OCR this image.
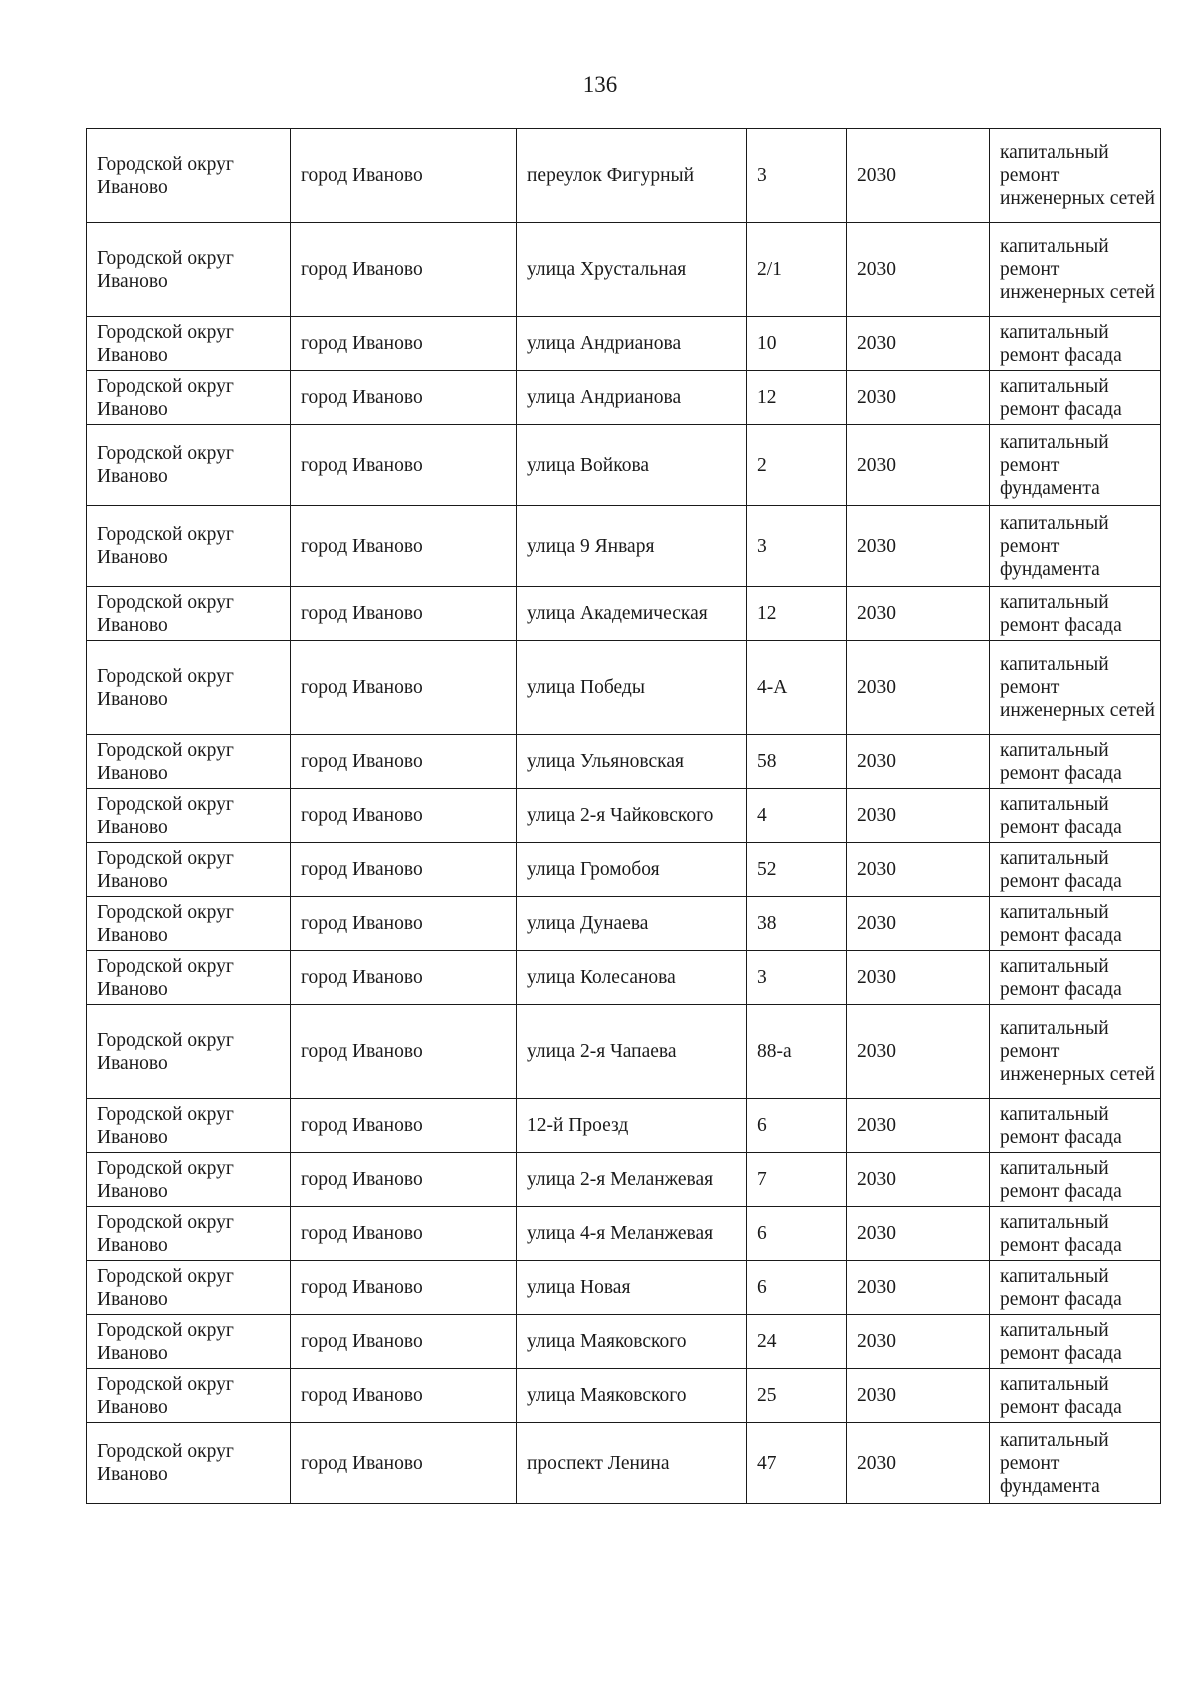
136
Городской округ Иваново	город Иваново	переулок Фигурный	3	2030	капитальный ремонт инженерных сетей
Городской округ Иваново	город Иваново	улица Хрустальная	2/1	2030	капитальный ремонт инженерных сетей
Городской округ Иваново	город Иваново	улица Андрианова	10	2030	капитальный ремонт фасада
Городской округ Иваново	город Иваново	улица Андрианова	12	2030	капитальный ремонт фасада
Городской округ Иваново	город Иваново	улица Войкова	2	2030	капитальный ремонт фундамента
Городской округ Иваново	город Иваново	улица 9 Января	3	2030	капитальный ремонт фундамента
Городской округ Иваново	город Иваново	улица Академическая	12	2030	капитальный ремонт фасада
Городской округ Иваново	город Иваново	улица Победы	4-А	2030	капитальный ремонт инженерных сетей
Городской округ Иваново	город Иваново	улица Ульяновская	58	2030	капитальный ремонт фасада
Городской округ Иваново	город Иваново	улица 2-я Чайковского	4	2030	капитальный ремонт фасада
Городской округ Иваново	город Иваново	улица Громобоя	52	2030	капитальный ремонт фасада
Городской округ Иваново	город Иваново	улица Дунаева	38	2030	капитальный ремонт фасада
Городской округ Иваново	город Иваново	улица Колесанова	3	2030	капитальный ремонт фасада
Городской округ Иваново	город Иваново	улица 2-я Чапаева	88-а	2030	капитальный ремонт инженерных сетей
Городской округ Иваново	город Иваново	12-й Проезд	6	2030	капитальный ремонт фасада
Городской округ Иваново	город Иваново	улица 2-я Меланжевая	7	2030	капитальный ремонт фасада
Городской округ Иваново	город Иваново	улица 4-я Меланжевая	6	2030	капитальный ремонт фасада
Городской округ Иваново	город Иваново	улица Новая	6	2030	капитальный ремонт фасада
Городской округ Иваново	город Иваново	улица Маяковского	24	2030	капитальный ремонт фасада
Городской округ Иваново	город Иваново	улица Маяковского	25	2030	капитальный ремонт фасада
Городской округ Иваново	город Иваново	проспект Ленина	47	2030	капитальный ремонт фундамента
